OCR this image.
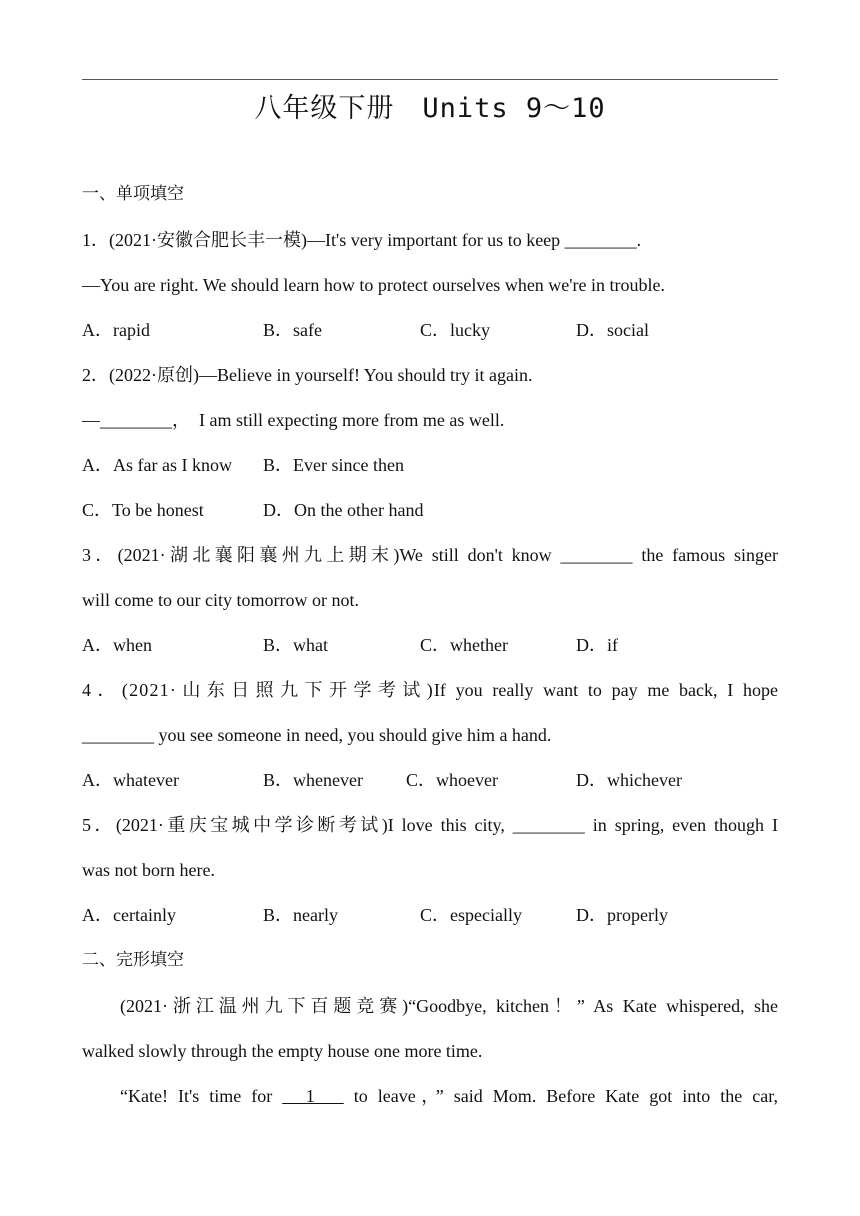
八年级下册　Units 9～10
一、单项填空
1．(2021·安徽合肥长丰一模)—It's very important for us to keep ________.
—You are right. We should learn how to protect ourselves when we're in trouble.
A．rapid	B．safe	C．lucky	D．social
2．(2022·原创)—Believe in yourself! You should try it again.
—________，　I am still expecting more from me as well.
A．As far as I know B．Ever since then
C．To be honest	D．On the other hand
3．(2021·湖北襄阳襄州九上期末)We still don't know ________ the famous singer
will come to our city tomorrow or not.
A．when	B．what	C．whether	D．if
4．(2021·山东日照九下开学考试)If you really want to pay me back, I hope
________ you see someone in need, you should give him a hand.
A．whatever	B．whenever C．whoever	D．whichever
5．(2021·重庆宝城中学诊断考试)I love this city, ________ in spring, even though I
was not born here.
A．certainly	B．nearly	C．especially	D．properly
二、完形填空
(2021·浙江温州九下百题竞赛)“Goodbye, kitchen！” As Kate whispered, she
walked slowly through the empty house one more time.
“Kate! It's time for 　1　 to leave，” said Mom. Before Kate got into the car,
